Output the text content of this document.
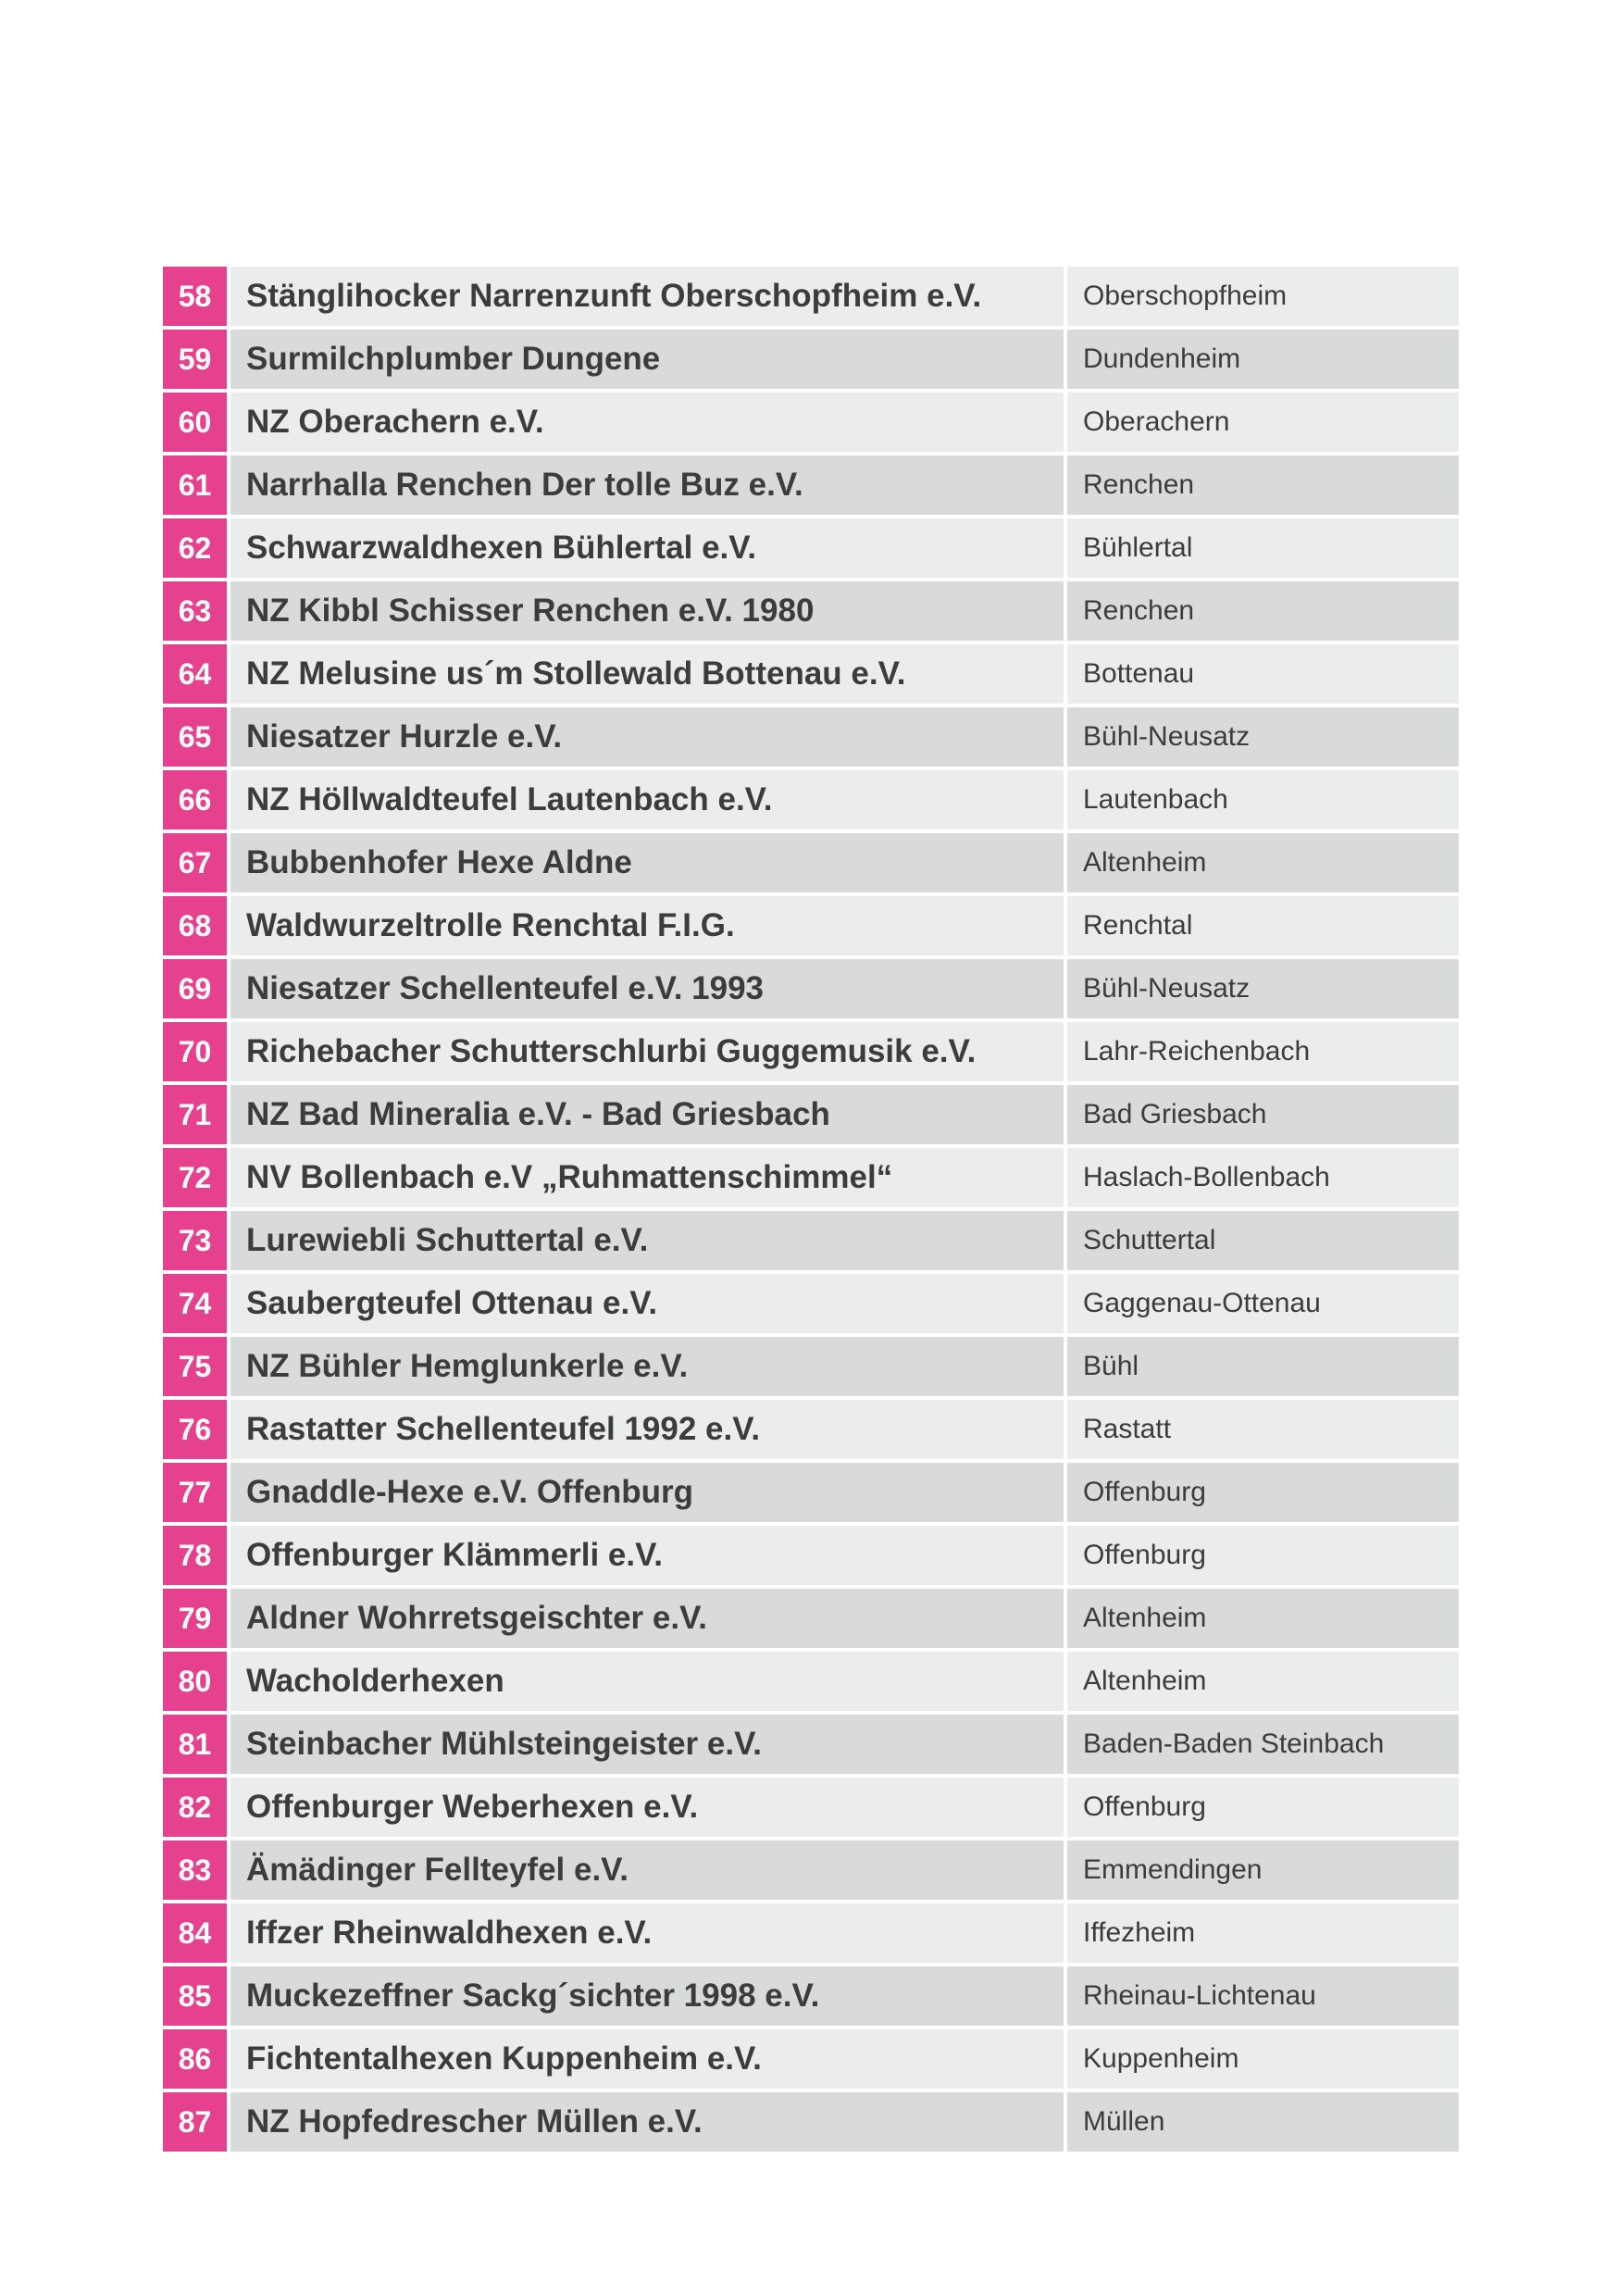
58	Stänglihocker Narrenzunft Oberschopfheim e.V.	Oberschopfheim
59	Surmilchplumber Dungene	Dundenheim
60	NZ Oberachern e.V.	Oberachern
61	Narrhalla Renchen Der tolle Buz e.V.	Renchen
62	Schwarzwaldhexen Bühlertal e.V.	Bühlertal
63	NZ Kibbl Schisser Renchen e.V. 1980	Renchen
64	NZ Melusine us´m Stollewald Bottenau e.V.	Bottenau
65	Niesatzer Hurzle e.V.	Bühl-Neusatz
66	NZ Höllwaldteufel Lautenbach e.V.	Lautenbach
67	Bubbenhofer Hexe Aldne	Altenheim
68	Waldwurzeltrolle Renchtal F.I.G.	Renchtal
69	Niesatzer Schellenteufel e.V. 1993	Bühl-Neusatz
70	Richebacher Schutterschlurbi Guggemusik e.V.	Lahr-Reichenbach
71	NZ Bad Mineralia e.V. - Bad Griesbach	Bad Griesbach
72	NV Bollenbach e.V „Ruhmattenschimmel“	Haslach-Bollenbach
73	Lurewiebli Schuttertal e.V.	Schuttertal
74	Saubergteufel Ottenau e.V.	Gaggenau-Ottenau
75	NZ Bühler Hemglunkerle e.V.	Bühl
76	Rastatter Schellenteufel 1992 e.V.	Rastatt
77	Gnaddle-Hexe e.V. Offenburg	Offenburg
78	Offenburger Klämmerli e.V.	Offenburg
79	Aldner Wohrretsgeischter e.V.	Altenheim
80	Wacholderhexen	Altenheim
81	Steinbacher Mühlsteingeister e.V.	Baden-Baden Steinbach
82	Offenburger Weberhexen e.V.	Offenburg
83	Ämädinger Fellteyfel e.V.	Emmendingen
84	Iffzer Rheinwaldhexen e.V.	Iffezheim
85	Muckezeffner Sackg´sichter 1998 e.V.	Rheinau-Lichtenau
86	Fichtentalhexen Kuppenheim e.V.	Kuppenheim
87	NZ Hopfedrescher Müllen e.V.	Müllen
